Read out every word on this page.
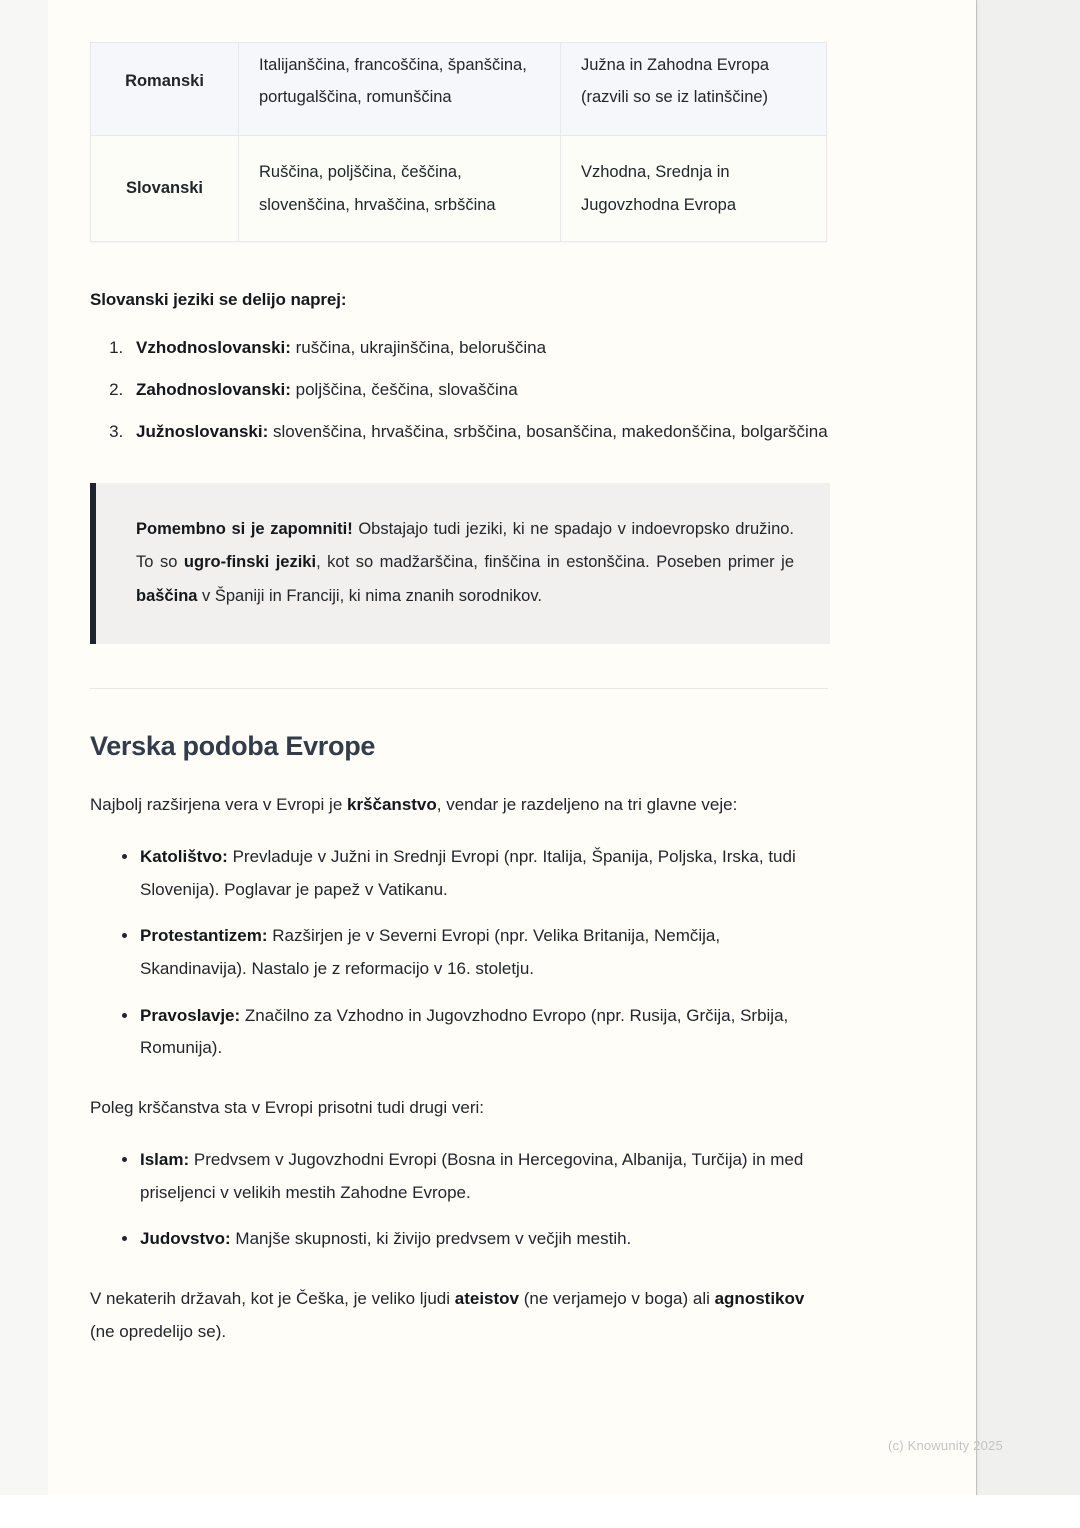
Romanski	Italijanščina, francoščina, španščina, portugalščina, romunščina	Južna in Zahodna Evropa (razvili so se iz latinščine)
Slovanski	Ruščina, poljščina, češčina, slovenščina, hrvaščina, srbščina	Vzhodna, Srednja in Jugovzhodna Evropa
Slovanski jeziki se delijo naprej:
1. Vzhodnoslovanski: ruščina, ukrajinščina, beloruščina
2. Zahodnoslovanski: poljščina, češčina, slovaščina
3. Južnoslovanski: slovenščina, hrvaščina, srbščina, bosanščina, makedonščina, bolgarščina

Pomembno si je zapomniti! Obstajajo tudi jeziki, ki ne spadajo v indoevropsko družino. To so ugro-finski jeziki, kot so madžarščina, finščina in estonščina. Poseben primer je baščina v Španiji in Franciji, ki nima znanih sorodnikov.

Verska podoba Evrope

Najbolj razširjena vera v Evropi je krščanstvo, vendar je razdeljeno na tri glavne veje:

Katolištvo: Prevladuje v Južni in Srednji Evropi (npr. Italija, Španija, Poljska, Irska, tudi Slovenija). Poglavar je papež v Vatikanu.
Protestantizem: Razširjen je v Severni Evropi (npr. Velika Britanija, Nemčija, Skandinavija). Nastalo je z reformacijo v 16. stoletju.
Pravoslavje: Značilno za Vzhodno in Jugovzhodno Evropo (npr. Rusija, Grčija, Srbija, Romunija).

Poleg krščanstva sta v Evropi prisotni tudi drugi veri:

Islam: Predvsem v Jugovzhodni Evropi (Bosna in Hercegovina, Albanija, Turčija) in med priseljenci v velikih mestih Zahodne Evrope.
Judovstvo: Manjše skupnosti, ki živijo predvsem v večjih mestih.

V nekaterih državah, kot je Češka, je veliko ljudi ateistov (ne verjamejo v boga) ali agnostikov (ne opredelijo se).

(c) Knowunity 2025
